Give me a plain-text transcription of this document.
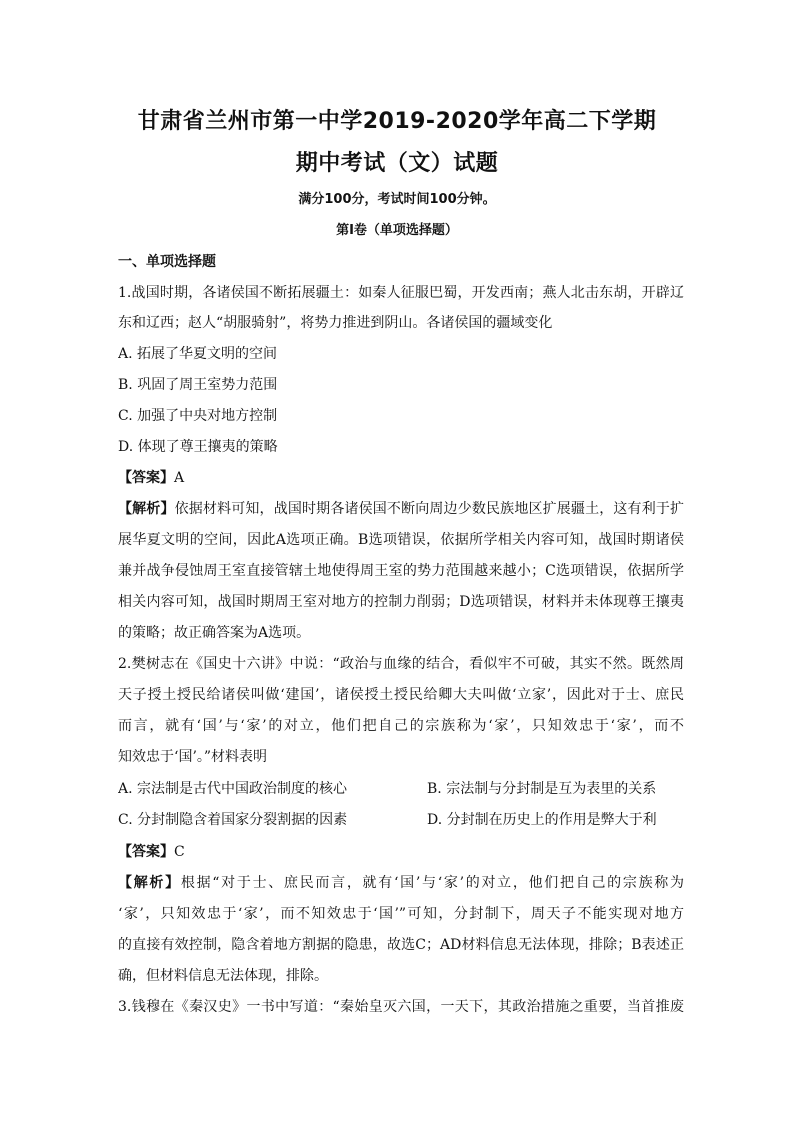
甘肃省兰州市第一中学2019-2020学年高二下学期
期中考试（文）试题
满分100分，考试时间100分钟。
第Ⅰ卷（单项选择题）
一、单项选择题
1.战国时期，各诸侯国不断拓展疆土：如秦人征服巴蜀，开发西南；燕人北击东胡，开辟辽
东和辽西；赵人“胡服骑射”，将势力推进到阴山。各诸侯国的疆域变化
A. 拓展了华夏文明的空间
B. 巩固了周王室势力范围
C. 加强了中央对地方控制
D. 体现了尊王攘夷的策略
【答案】A
【解析】依据材料可知，战国时期各诸侯国不断向周边少数民族地区扩展疆土，这有利于扩
展华夏文明的空间，因此A选项正确。B选项错误，依据所学相关内容可知，战国时期诸侯
兼并战争侵蚀周王室直接管辖土地使得周王室的势力范围越来越小；C选项错误，依据所学
相关内容可知，战国时期周王室对地方的控制力削弱；D选项错误，材料并未体现尊王攘夷
的策略；故正确答案为A选项。
2.樊树志在《国史十六讲》中说：“政治与血缘的结合，看似牢不可破，其实不然。既然周
天子授土授民给诸侯叫做‘建国’，诸侯授土授民给卿大夫叫做‘立家’，因此对于士、庶民
而言，就有‘国’与‘家’的对立，他们把自己的宗族称为‘家’，只知效忠于‘家’，而不
知效忠于‘国’。”材料表明
A. 宗法制是古代中国政治制度的核心	B. 宗法制与分封制是互为表里的关系
C. 分封制隐含着国家分裂割据的因素	D. 分封制在历史上的作用是弊大于利
【答案】C
【解析】根据“对于士、庶民而言，就有‘国’与‘家’的对立，他们把自己的宗族称为
‘家’，只知效忠于‘家’，而不知效忠于‘国’”可知，分封制下，周天子不能实现对地方
的直接有效控制，隐含着地方割据的隐患，故选C；AD材料信息无法体现，排除；B表述正
确，但材料信息无法体现，排除。
3.钱穆在《秦汉史》一书中写道：“秦始皇灭六国，一天下，其政治措施之重要，当首推废
